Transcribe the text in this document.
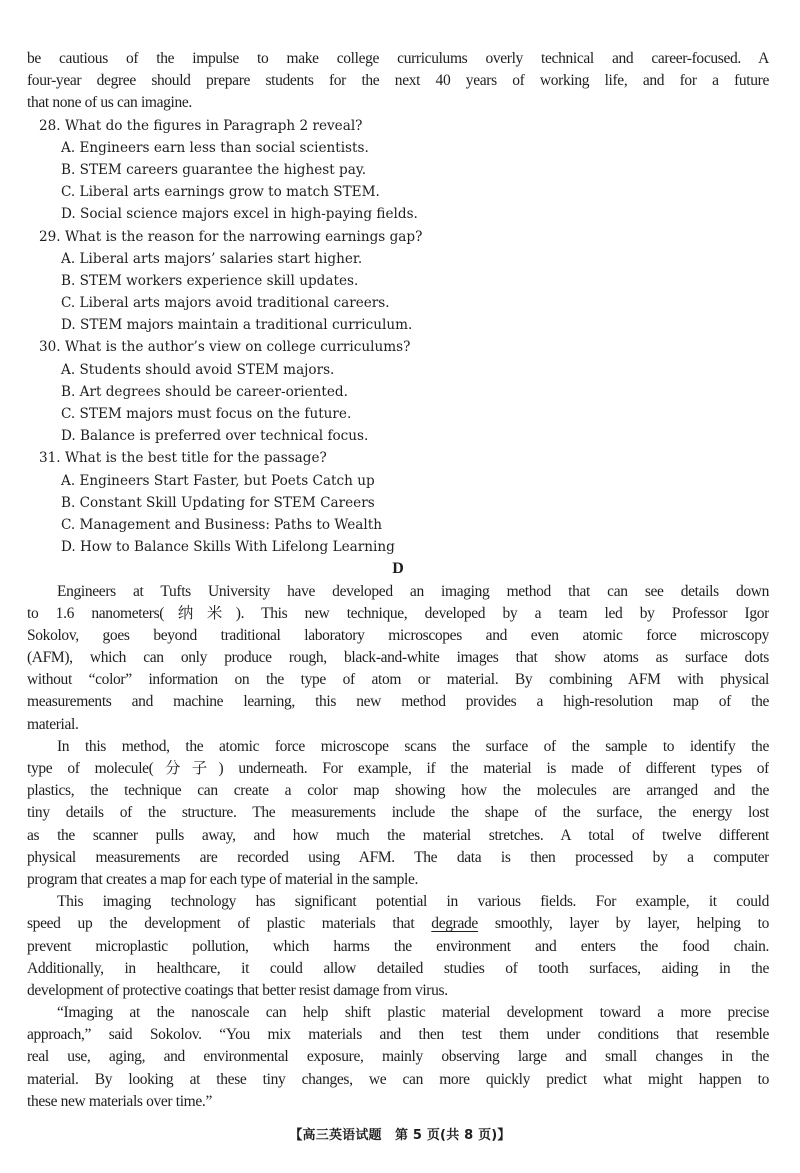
be cautious of the impulse to make college curriculums overly technical and career-focused. A
four-year degree should prepare students for the next 40 years of working life, and for a future
that none of us can imagine.
28. What do the figures in Paragraph 2 reveal?
A. Engineers earn less than social scientists.
B. STEM careers guarantee the highest pay.
C. Liberal arts earnings grow to match STEM.
D. Social science majors excel in high-paying fields.
29. What is the reason for the narrowing earnings gap?
A. Liberal arts majors’ salaries start higher.
B. STEM workers experience skill updates.
C. Liberal arts majors avoid traditional careers.
D. STEM majors maintain a traditional curriculum.
30. What is the author’s view on college curriculums?
A. Students should avoid STEM majors.
B. Art degrees should be career-oriented.
C. STEM majors must focus on the future.
D. Balance is preferred over technical focus.
31. What is the best title for the passage?
A. Engineers Start Faster, but Poets Catch up
B. Constant Skill Updating for STEM Careers
C. Management and Business: Paths to Wealth
D. How to Balance Skills With Lifelong Learning
D
Engineers at Tufts University have developed an imaging method that can see details down
to 1.6 nanometers(纳米). This new technique, developed by a team led by Professor Igor
Sokolov, goes beyond traditional laboratory microscopes and even atomic force microscopy
(AFM), which can only produce rough, black-and-white images that show atoms as surface dots
without “color” information on the type of atom or material. By combining AFM with physical
measurements and machine learning, this new method provides a high-resolution map of the
material.
In this method, the atomic force microscope scans the surface of the sample to identify the
type of molecule(分子) underneath. For example, if the material is made of different types of
plastics, the technique can create a color map showing how the molecules are arranged and the
tiny details of the structure. The measurements include the shape of the surface, the energy lost
as the scanner pulls away, and how much the material stretches. A total of twelve different
physical measurements are recorded using AFM. The data is then processed by a computer
program that creates a map for each type of material in the sample.
This imaging technology has significant potential in various fields. For example, it could
speed up the development of plastic materials that degrade smoothly, layer by layer, helping to
prevent microplastic pollution, which harms the environment and enters the food chain.
Additionally, in healthcare, it could allow detailed studies of tooth surfaces, aiding in the
development of protective coatings that better resist damage from virus.
“Imaging at the nanoscale can help shift plastic material development toward a more precise
approach,” said Sokolov. “You mix materials and then test them under conditions that resemble
real use, aging, and environmental exposure, mainly observing large and small changes in the
material. By looking at these tiny changes, we can more quickly predict what might happen to
these new materials over time.”
【高三英语试题　第 5 页(共 8 页)】
